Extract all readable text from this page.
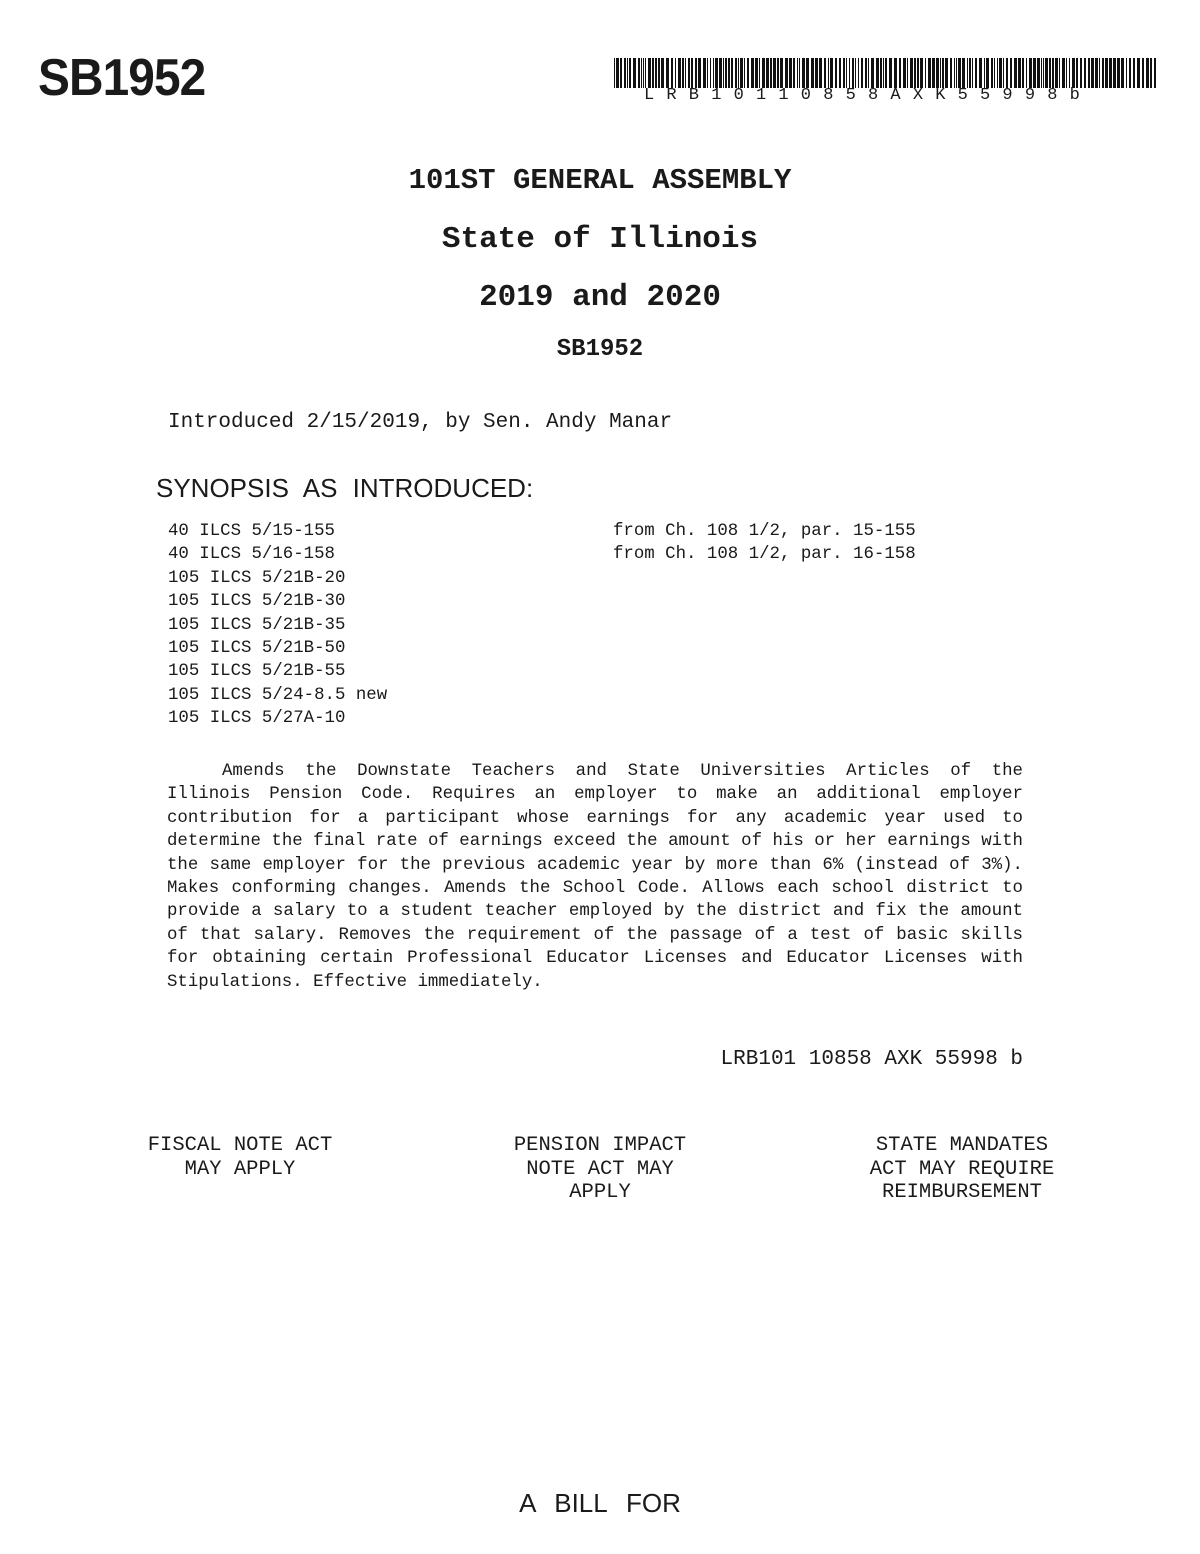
SB1952	LRB10110858AXK55998b
101ST GENERAL ASSEMBLY
State of Illinois
2019 and 2020
SB1952
Introduced 2/15/2019, by Sen. Andy Manar
SYNOPSIS AS INTRODUCED:
40 ILCS 5/15-155	from Ch. 108 1/2, par. 15-155
40 ILCS 5/16-158	from Ch. 108 1/2, par. 16-158
105 ILCS 5/21B-20
105 ILCS 5/21B-30
105 ILCS 5/21B-35
105 ILCS 5/21B-50
105 ILCS 5/21B-55
105 ILCS 5/24-8.5 new
105 ILCS 5/27A-10
Amends the Downstate Teachers and State Universities Articles of the Illinois Pension Code. Requires an employer to make an additional employer contribution for a participant whose earnings for any academic year used to determine the final rate of earnings exceed the amount of his or her earnings with the same employer for the previous academic year by more than 6% (instead of 3%). Makes conforming changes. Amends the School Code. Allows each school district to provide a salary to a student teacher employed by the district and fix the amount of that salary. Removes the requirement of the passage of a test of basic skills for obtaining certain Professional Educator Licenses and Educator Licenses with Stipulations. Effective immediately.
LRB101 10858 AXK 55998 b
FISCAL NOTE ACT
MAY APPLY
PENSION IMPACT
NOTE ACT MAY
APPLY
STATE MANDATES
ACT MAY REQUIRE
REIMBURSEMENT
A BILL FOR
